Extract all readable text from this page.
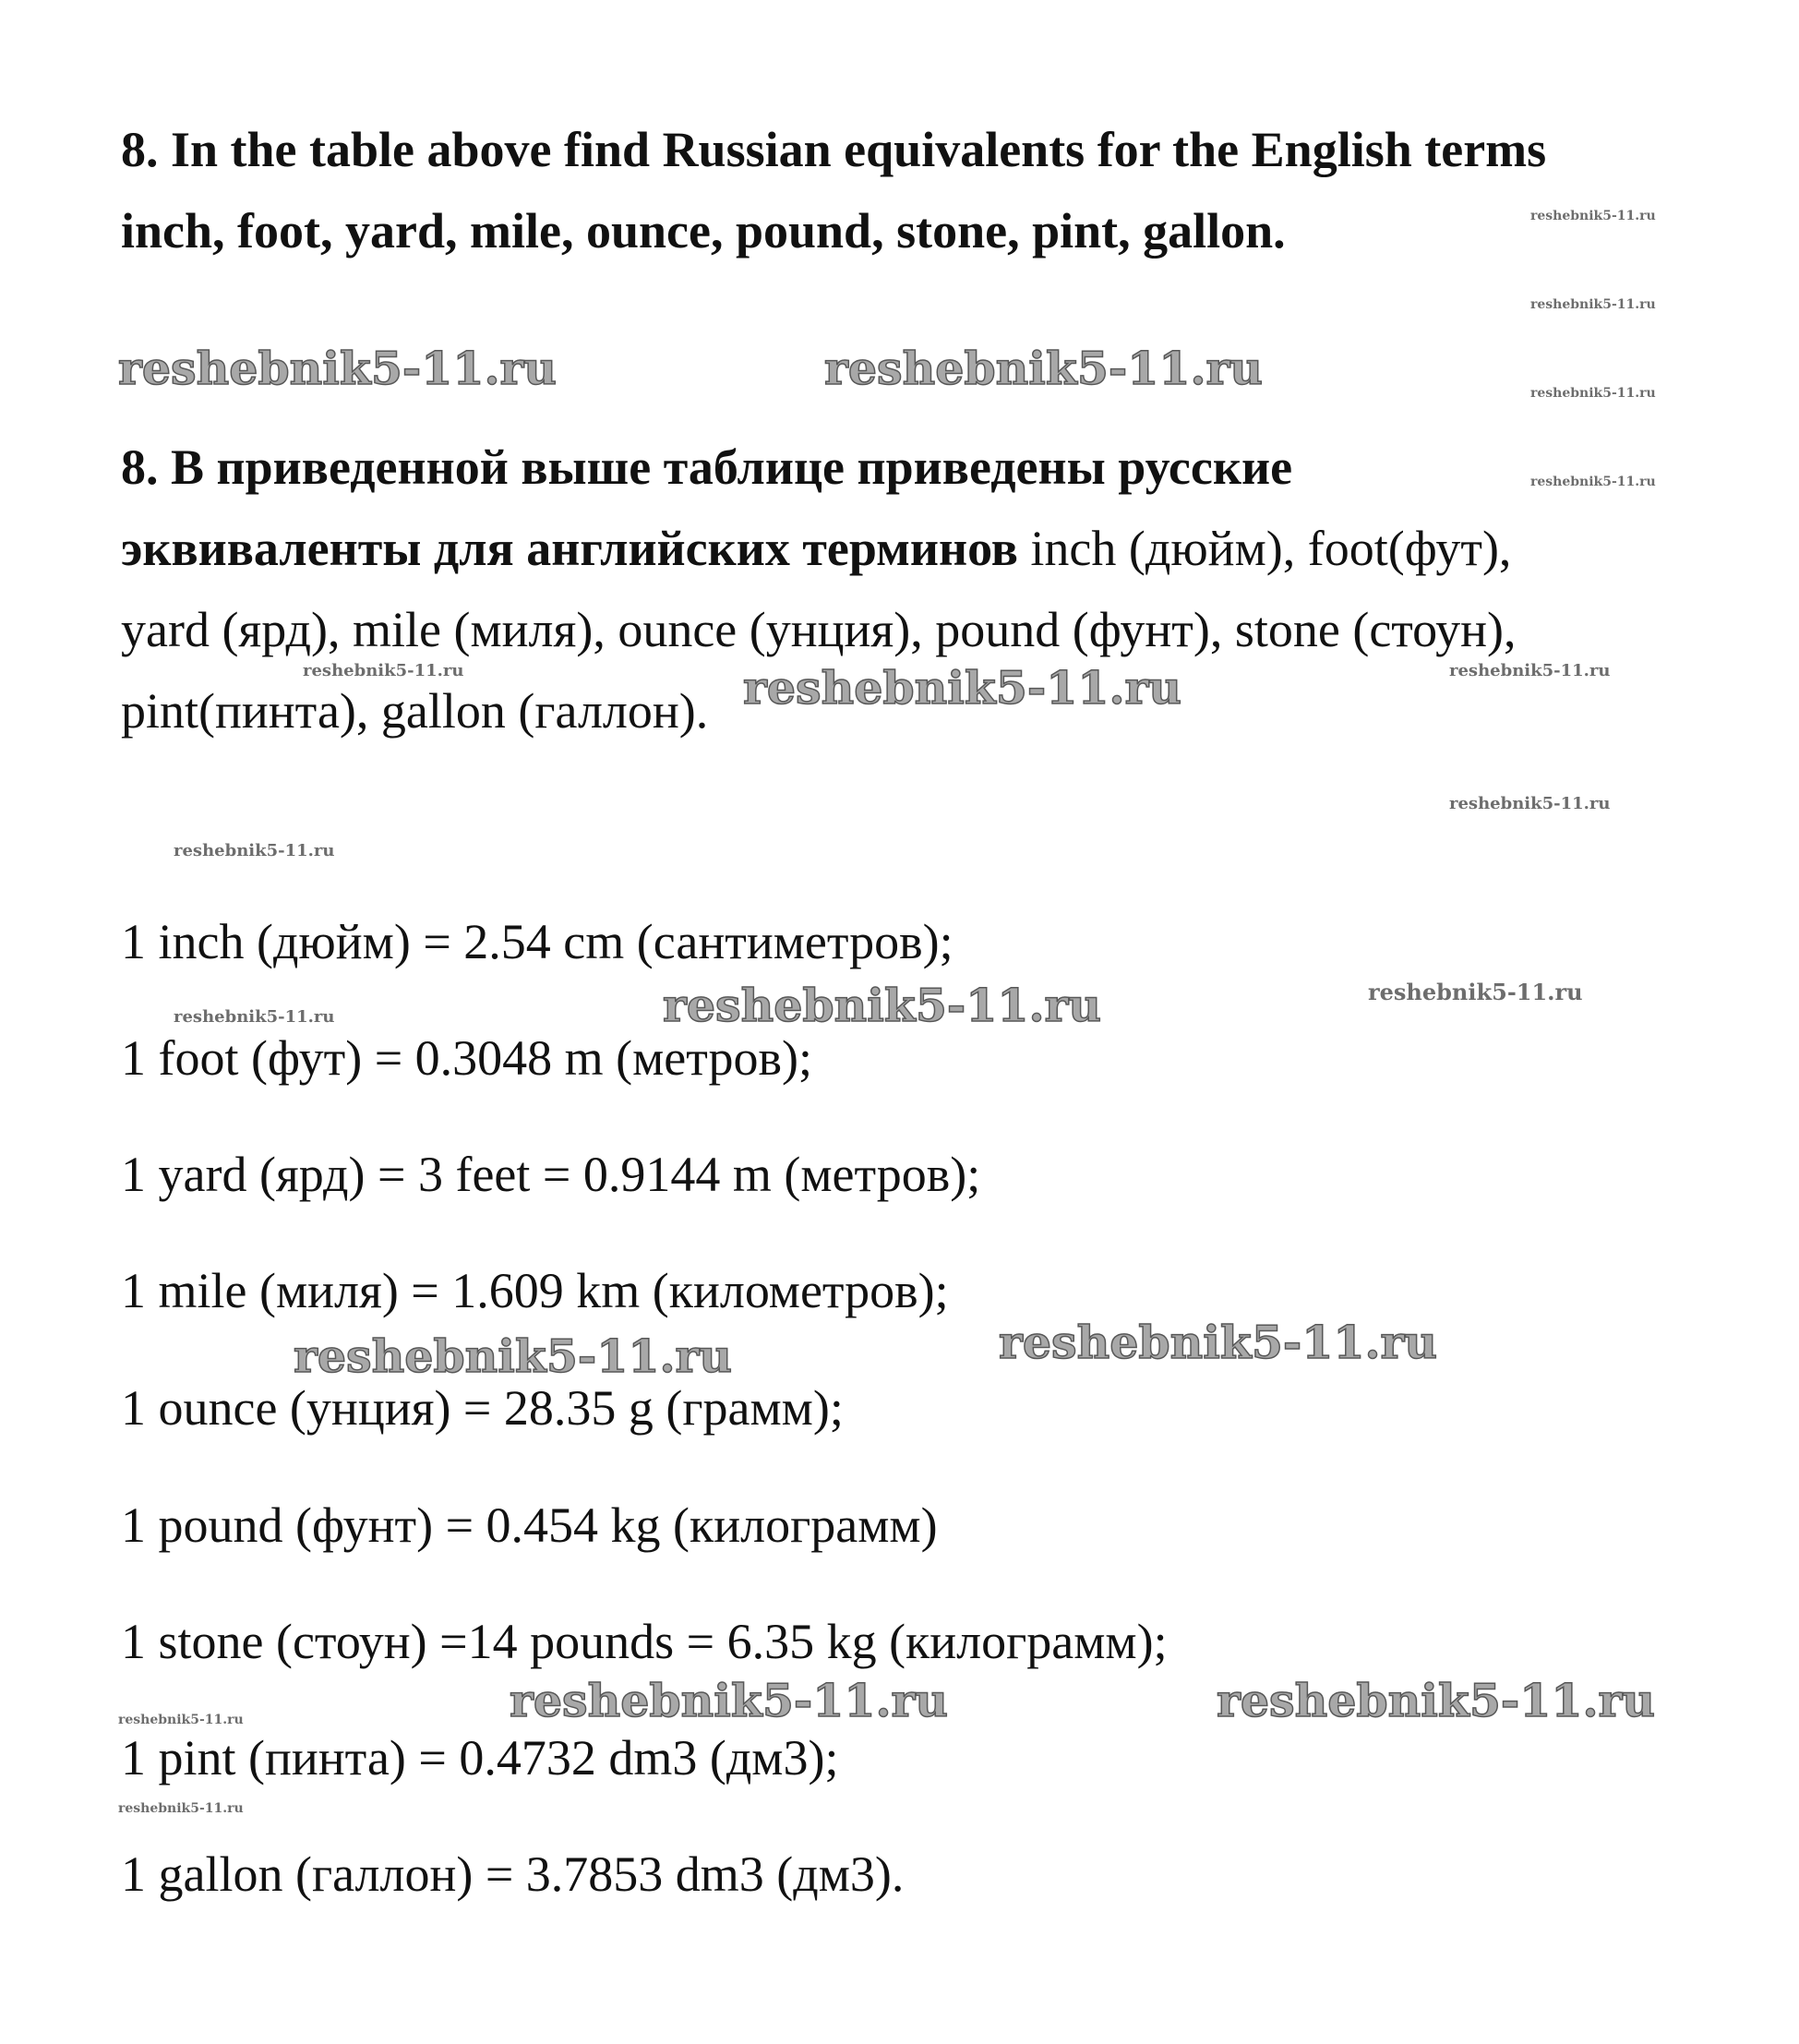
8. In the table above find Russian equivalents for the English terms
inch, foot, yard, mile, ounce, pound, stone, pint, gallon.
8. В приведенной выше таблице приведены русские
эквиваленты для английских терминов inch (дюйм), foot(фут),
yard (ярд), mile (миля), ounce (унция), pound (фунт), stone (стоун),
pint(пинта), gallon (галлон).
1 inch (дюйм) = 2.54 cm (сантиметров);
1 foot (фут) = 0.3048 m (метров);
1 yard (ярд) = 3 feet = 0.9144 m (метров);
1 mile (миля) = 1.609 km (километров);
1 ounce (унция) = 28.35 g (грамм);
1 pound (фунт) = 0.454 kg (килограмм)
1 stone (стоун) =14 pounds = 6.35 kg (килограмм);
1 pint (пинта) = 0.4732 dm3 (дм3);
1 gallon (галлон) = 3.7853 dm3 (дм3).
reshebnik5-11.ru	reshebnik5-11.ru
reshebnik5-11.ru
reshebnik5-11.ru
reshebnik5-11.ru	reshebnik5-11.ru
reshebnik5-11.ru	reshebnik5-11.ru
reshebnik5-11.ru
reshebnik5-11.ru
reshebnik5-11.ru
reshebnik5-11.ru
reshebnik5-11.ru	reshebnik5-11.ru
reshebnik5-11.ru
reshebnik5-11.ru
reshebnik5-11.ru
reshebnik5-11.ru
reshebnik5-11.ru
reshebnik5-11.ru
